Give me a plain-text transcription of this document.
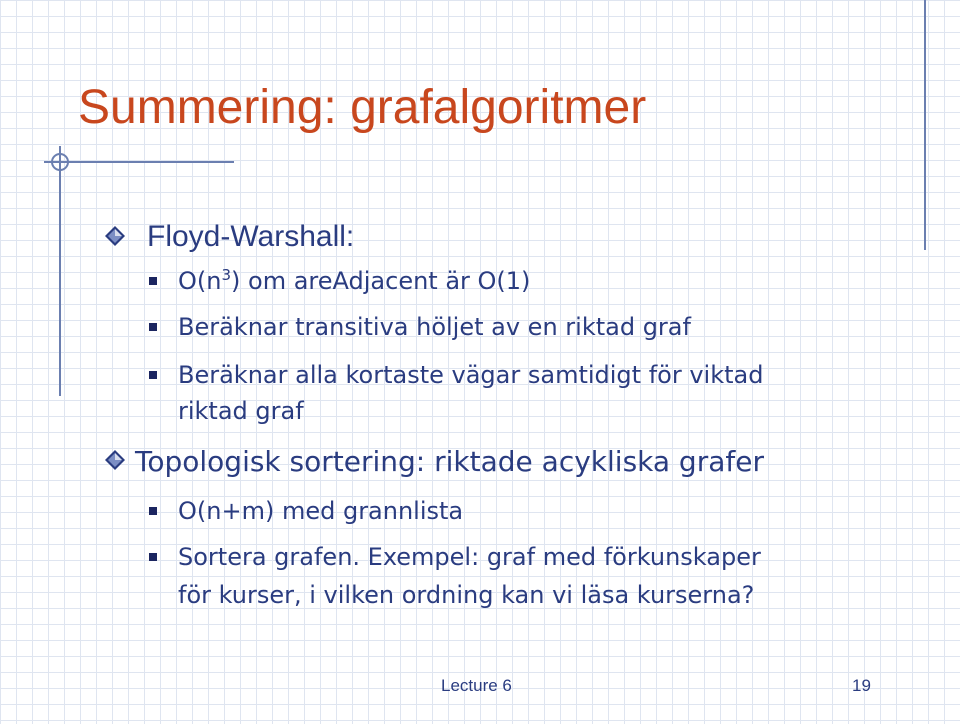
Summering: grafalgoritmer
Floyd-Warshall:
$O(n^3)$ om areAdjacent är O(1)
Beräknar transitiva höljet av en riktad graf
Beräknar alla kortaste vägar samtidigt för viktad
riktad graf
Topologisk sortering: riktade acykliska grafer
O(n+m) med grannlista
Sortera grafen. Exempel: graf med förkunskaper
för kurser, i vilken ordning kan vi läsa kurserna?
Lecture 6	19
